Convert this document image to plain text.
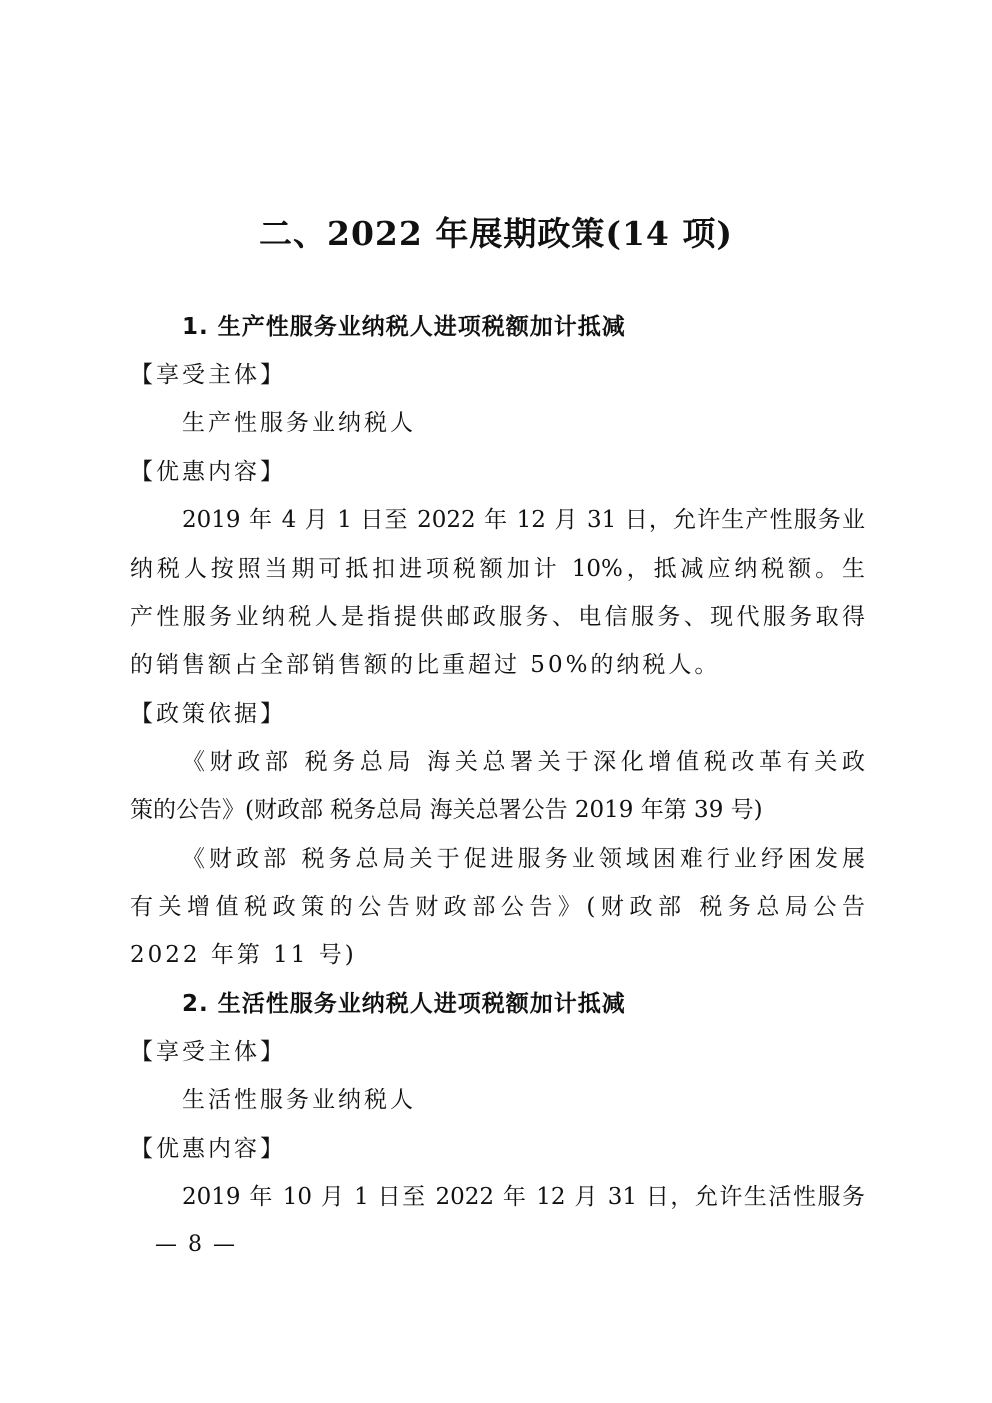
二、2022 年展期政策(14 项)
1. 生产性服务业纳税人进项税额加计抵减
【享受主体】
生产性服务业纳税人
【优惠内容】
2019 年 4 月 1 日至 2022 年 12 月 31 日，允许生产性服务业
纳税人按照当期可抵扣进项税额加计 10%，抵减应纳税额。生
产性服务业纳税人是指提供邮政服务、电信服务、现代服务取得
的销售额占全部销售额的比重超过 50%的纳税人。
【政策依据】
《财政部 税务总局 海关总署关于深化增值税改革有关政
策的公告》(财政部 税务总局 海关总署公告 2019 年第 39 号)
《财政部 税务总局关于促进服务业领域困难行业纾困发展
有关增值税政策的公告财政部公告》(财政部 税务总局公告
2022 年第 11 号)
2. 生活性服务业纳税人进项税额加计抵减
【享受主体】
生活性服务业纳税人
【优惠内容】
2019 年 10 月 1 日至 2022 年 12 月 31 日，允许生活性服务
— 8 —
